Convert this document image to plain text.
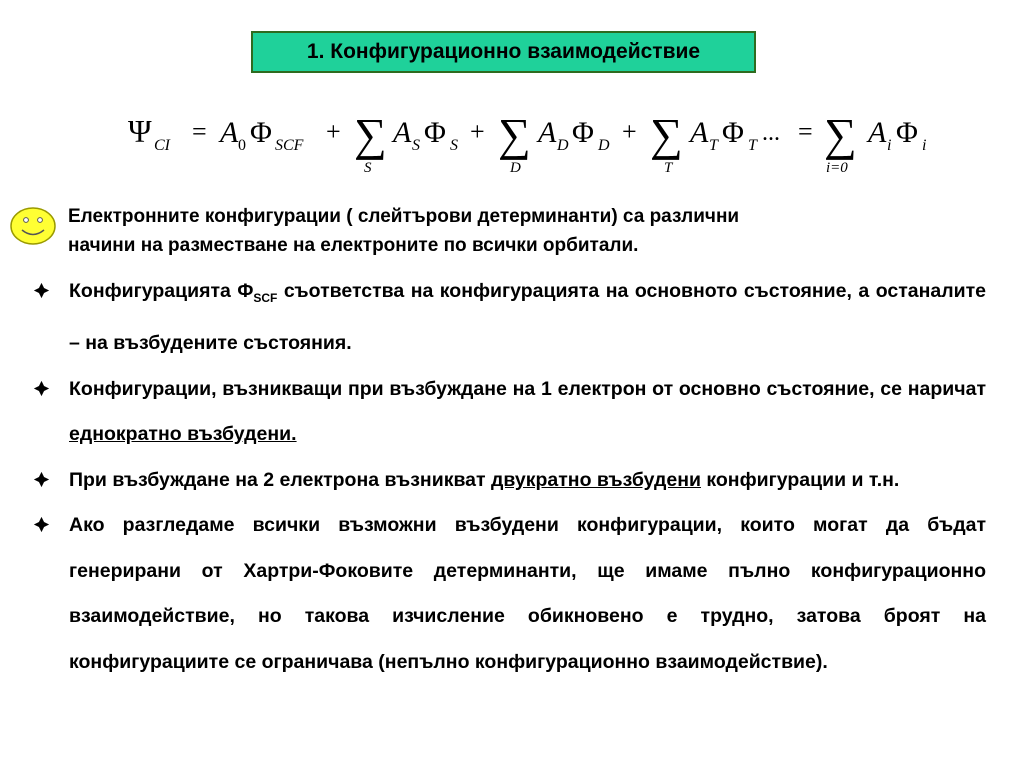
1. Конфигурационно взаимодействие
Ψ CI = A 0 Φ SCF + ∑
S
A S Φ S + ∑
D
A D Φ D + ∑
T
A T Φ T ... = ∑
i=0
A i Φ i
Електронните конфигурации ( слейтърови детерминанти) са различни
начини на разместване на електроните по всички орбитали.
Конфигурацията $\Phi_{SCF}$ съответства на конфигурацията на основното състояние, а останалите – на възбудените състояния.
Конфигурации, възникващи при възбуждане на 1 електрон от основно състояние, се наричат еднократно възбудени.
При възбуждане на 2 електрона възникват двукратно възбудени конфигурации и т.н.
Ако разгледаме всички възможни възбудени конфигурации, които могат да бъдат генерирани от Хартри-Фоковите детерминанти, ще имаме пълно конфигурационно взаимодействие, но такова изчисление обикновено е трудно, затова броят на конфигурациите се ограничава (непълно конфигурационно взаимодействие).
